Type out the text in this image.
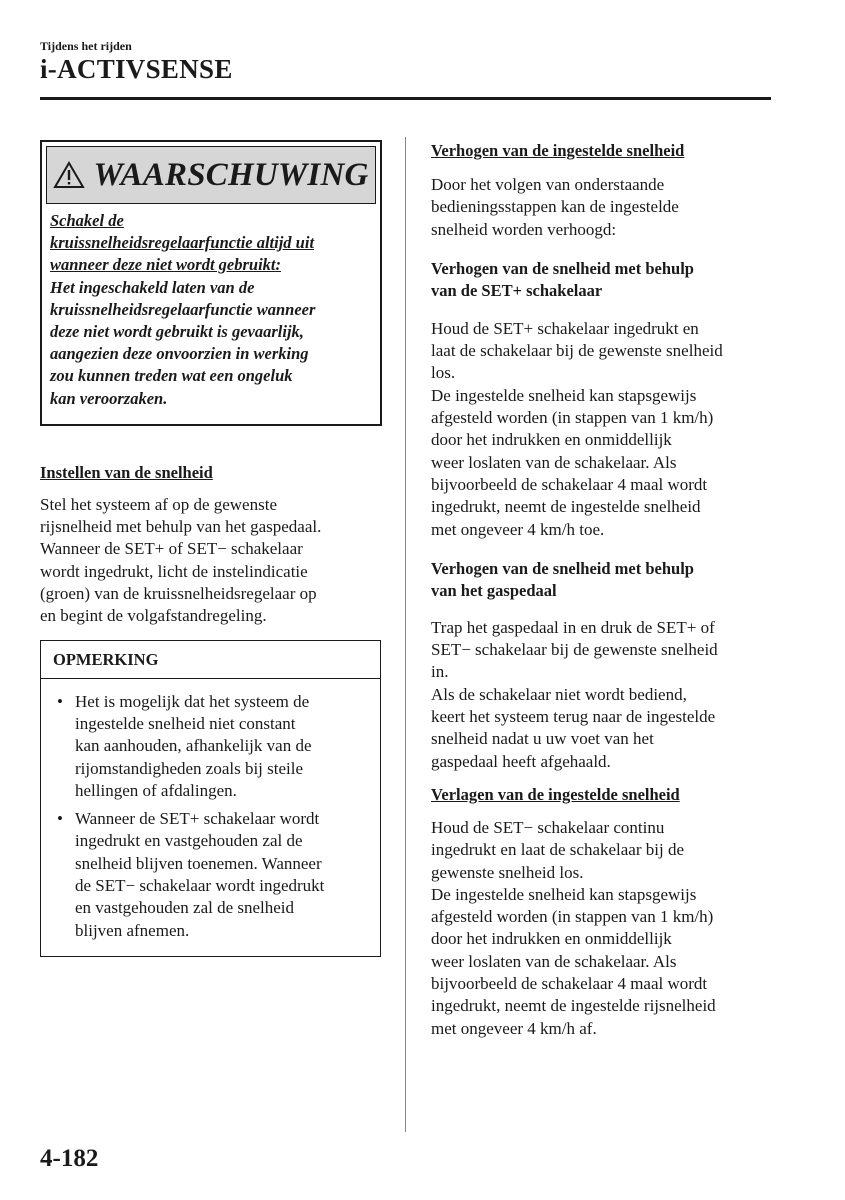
Tijdens het rijden
i-ACTIVSENSE
WAARSCHUWING
Schakel de
kruissnelheidsregelaarfunctie altijd uit
wanneer deze niet wordt gebruikt:
Het ingeschakeld laten van de
kruissnelheidsregelaarfunctie wanneer
deze niet wordt gebruikt is gevaarlijk,
aangezien deze onvoorzien in werking
zou kunnen treden wat een ongeluk
kan veroorzaken.
Instellen van de snelheid
Stel het systeem af op de gewenste
rijsnelheid met behulp van het gaspedaal.
Wanneer de SET+ of SET− schakelaar
wordt ingedrukt, licht de instelindicatie
(groen) van de kruissnelheidsregelaar op
en begint de volgafstandregeling.
OPMERKING
• Het is mogelijk dat het systeem de
ingestelde snelheid niet constant
kan aanhouden, afhankelijk van de
rijomstandigheden zoals bij steile
hellingen of afdalingen.
• Wanneer de SET+ schakelaar wordt
ingedrukt en vastgehouden zal de
snelheid blijven toenemen. Wanneer
de SET− schakelaar wordt ingedrukt
en vastgehouden zal de snelheid
blijven afnemen.
Verhogen van de ingestelde snelheid
Door het volgen van onderstaande
bedieningsstappen kan de ingestelde
snelheid worden verhoogd:
Verhogen van de snelheid met behulp
van de SET+ schakelaar
Houd de SET+ schakelaar ingedrukt en
laat de schakelaar bij de gewenste snelheid
los.
De ingestelde snelheid kan stapsgewijs
afgesteld worden (in stappen van 1 km/h)
door het indrukken en onmiddellijk
weer loslaten van de schakelaar. Als
bijvoorbeeld de schakelaar 4 maal wordt
ingedrukt, neemt de ingestelde snelheid
met ongeveer 4 km/h toe.
Verhogen van de snelheid met behulp
van het gaspedaal
Trap het gaspedaal in en druk de SET+ of
SET− schakelaar bij de gewenste snelheid
in.
Als de schakelaar niet wordt bediend,
keert het systeem terug naar de ingestelde
snelheid nadat u uw voet van het
gaspedaal heeft afgehaald.
Verlagen van de ingestelde snelheid
Houd de SET− schakelaar continu
ingedrukt en laat de schakelaar bij de
gewenste snelheid los.
De ingestelde snelheid kan stapsgewijs
afgesteld worden (in stappen van 1 km/h)
door het indrukken en onmiddellijk
weer loslaten van de schakelaar. Als
bijvoorbeeld de schakelaar 4 maal wordt
ingedrukt, neemt de ingestelde rijsnelheid
met ongeveer 4 km/h af.
4-182
